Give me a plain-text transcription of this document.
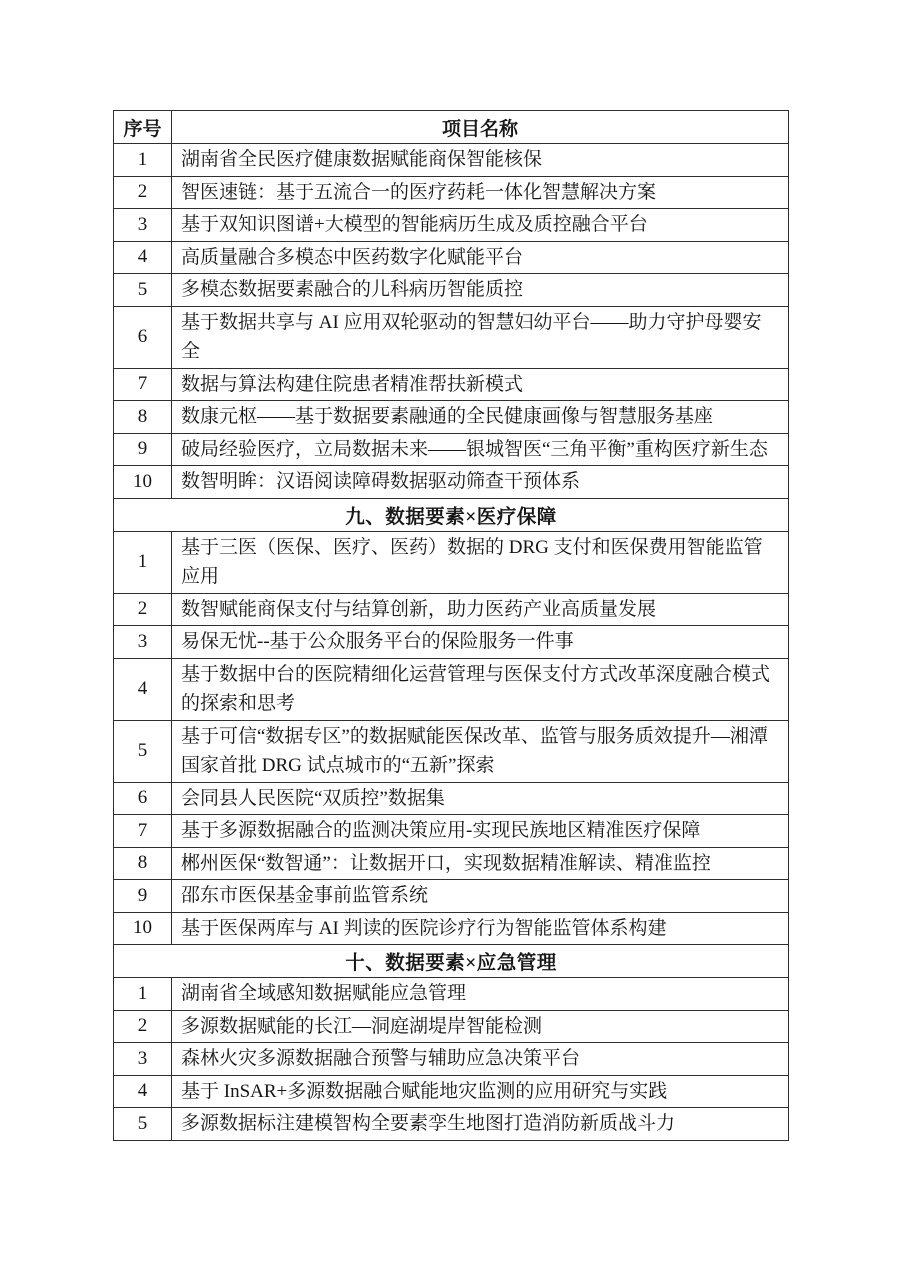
序号	项目名称
1	湖南省全民医疗健康数据赋能商保智能核保
2	智医速链：基于五流合一的医疗药耗一体化智慧解决方案
3	基于双知识图谱+大模型的智能病历生成及质控融合平台
4	高质量融合多模态中医药数字化赋能平台
5	多模态数据要素融合的儿科病历智能质控
6	基于数据共享与 AI 应用双轮驱动的智慧妇幼平台——助力守护母婴安全
7	数据与算法构建住院患者精准帮扶新模式
8	数康元枢——基于数据要素融通的全民健康画像与智慧服务基座
9	破局经验医疗，立局数据未来——银城智医“三角平衡”重构医疗新生态
10	数智明眸：汉语阅读障碍数据驱动筛查干预体系
九、数据要素×医疗保障	
1	基于三医（医保、医疗、医药）数据的 DRG 支付和医保费用智能监管应用
2	数智赋能商保支付与结算创新，助力医药产业高质量发展
3	易保无忧--基于公众服务平台的保险服务一件事
4	基于数据中台的医院精细化运营管理与医保支付方式改革深度融合模式的探索和思考
5	基于可信“数据专区”的数据赋能医保改革、监管与服务质效提升—湘潭国家首批 DRG 试点城市的“五新”探索
6	会同县人民医院“双质控”数据集
7	基于多源数据融合的监测决策应用-实现民族地区精准医疗保障
8	郴州医保“数智通”：让数据开口，实现数据精准解读、精准监控
9	邵东市医保基金事前监管系统
10	基于医保两库与 AI 判读的医院诊疗行为智能监管体系构建
十、数据要素×应急管理	
1	湖南省全域感知数据赋能应急管理
2	多源数据赋能的长江—洞庭湖堤岸智能检测
3	森林火灾多源数据融合预警与辅助应急决策平台
4	基于 InSAR+多源数据融合赋能地灾监测的应用研究与实践
5	多源数据标注建模智构全要素孪生地图打造消防新质战斗力
